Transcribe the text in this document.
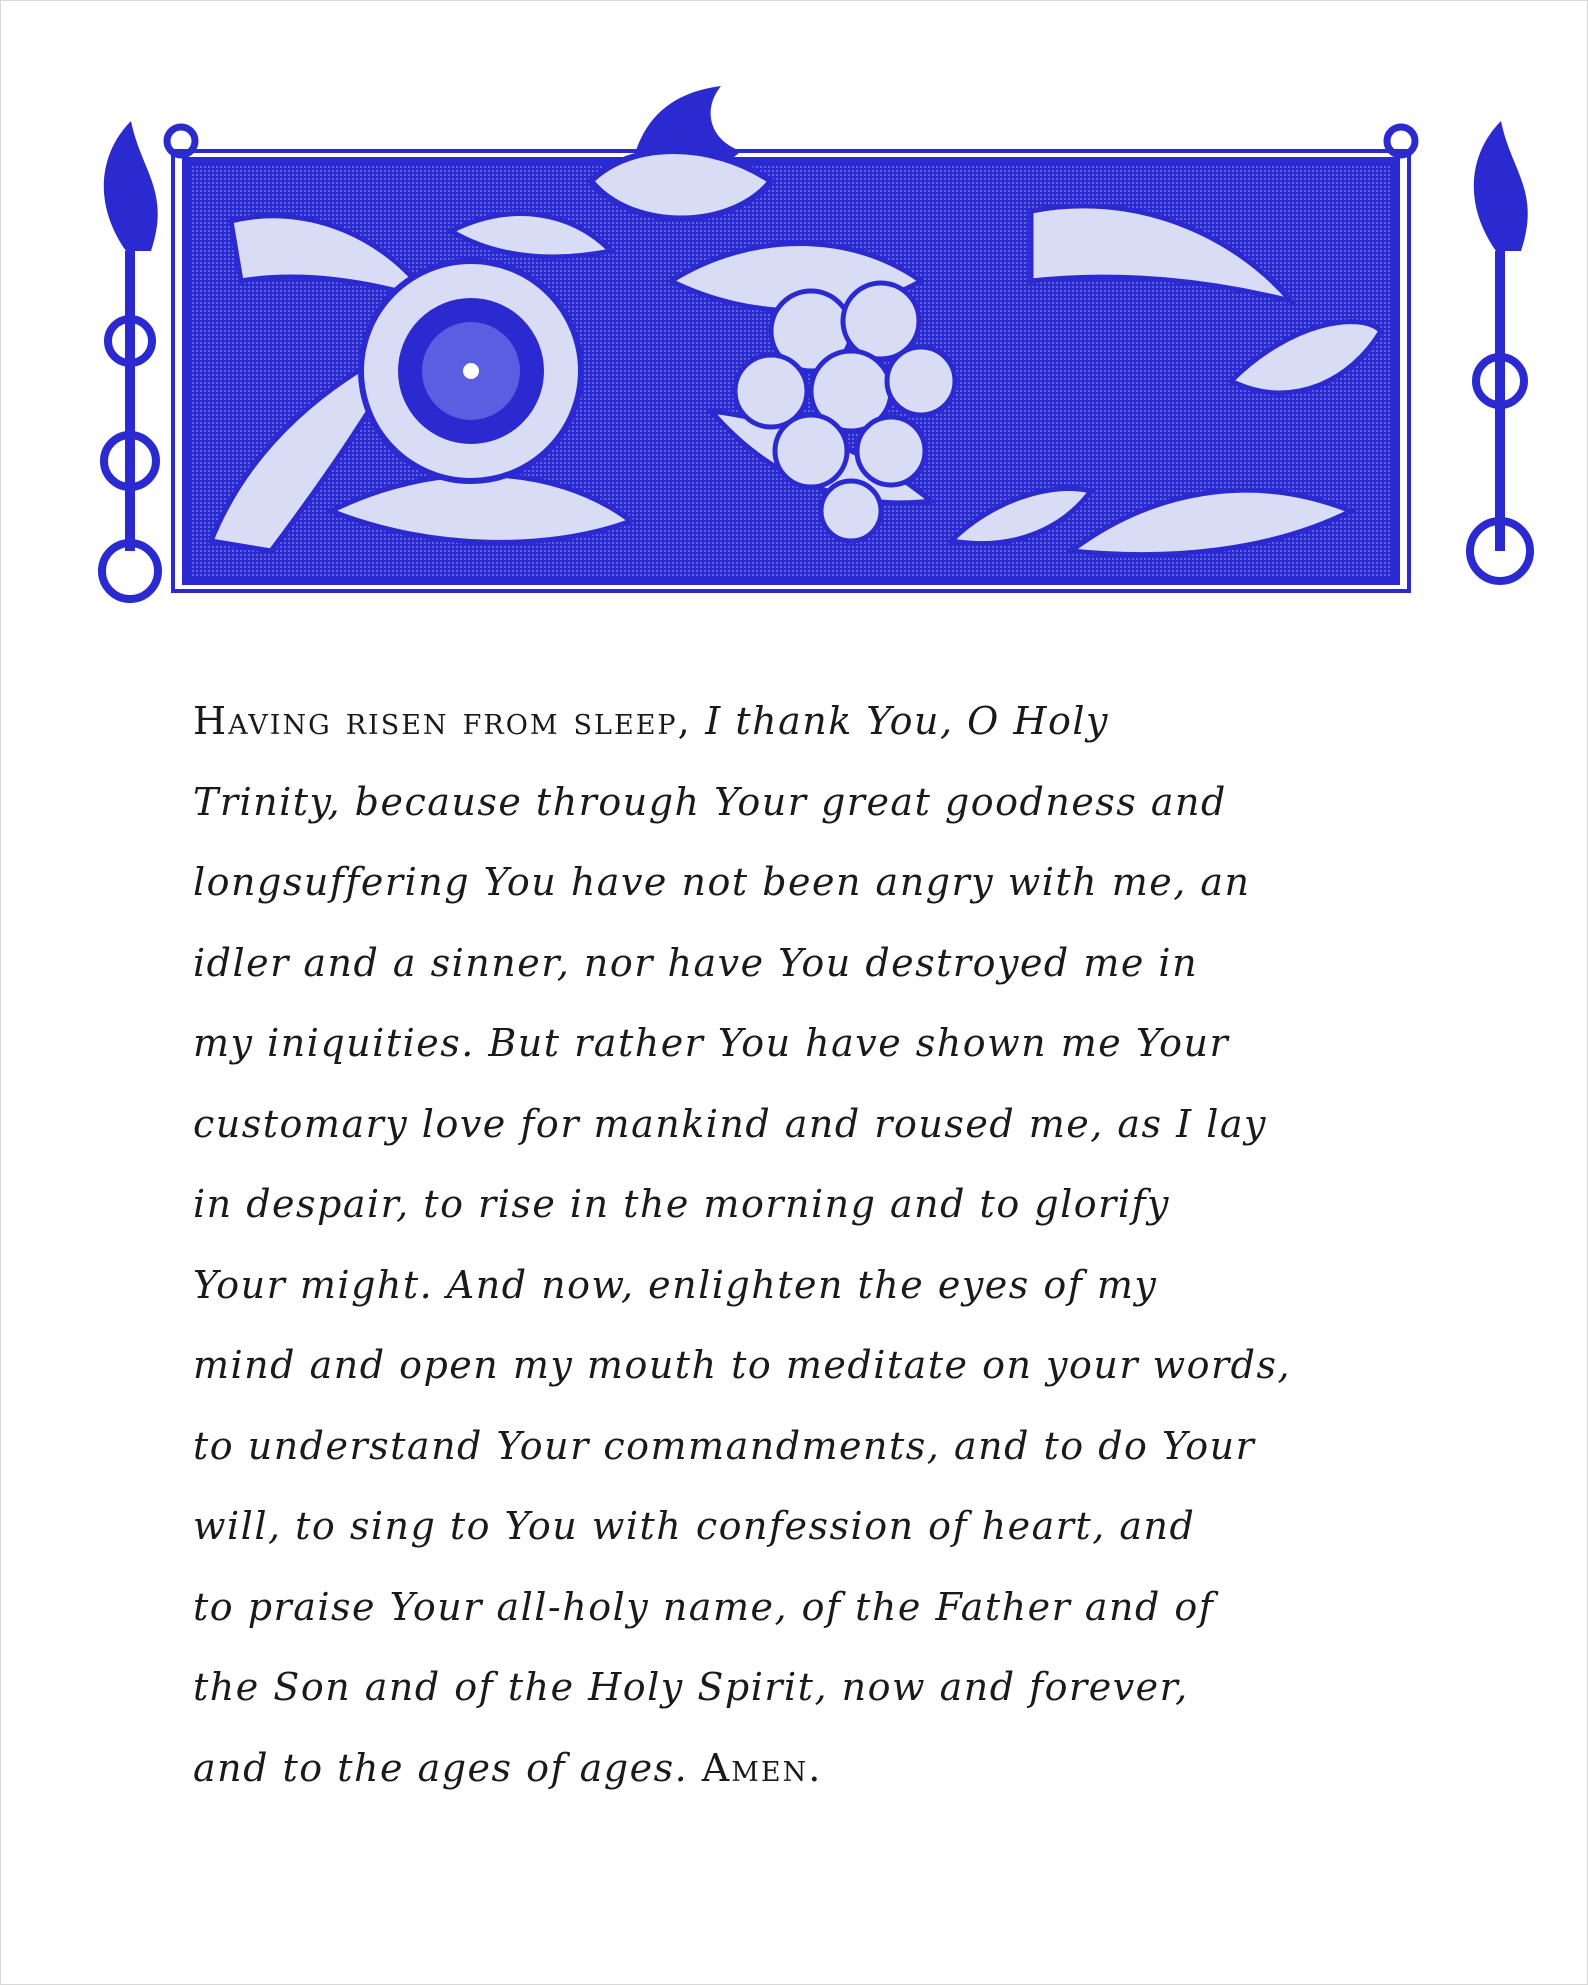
Having risen from sleep, I thank You, O Holy
Trinity, because through Your great goodness and
longsuffering You have not been angry with me, an
idler and a sinner, nor have You destroyed me in
my iniquities. But rather You have shown me Your
customary love for mankind and roused me, as I lay
in despair, to rise in the morning and to glorify
Your might. And now, enlighten the eyes of my
mind and open my mouth to meditate on your words,
to understand Your commandments, and to do Your
will, to sing to You with confession of heart, and
to praise Your all-holy name, of the Father and of
the Son and of the Holy Spirit, now and forever,
and to the ages of ages. Amen.
